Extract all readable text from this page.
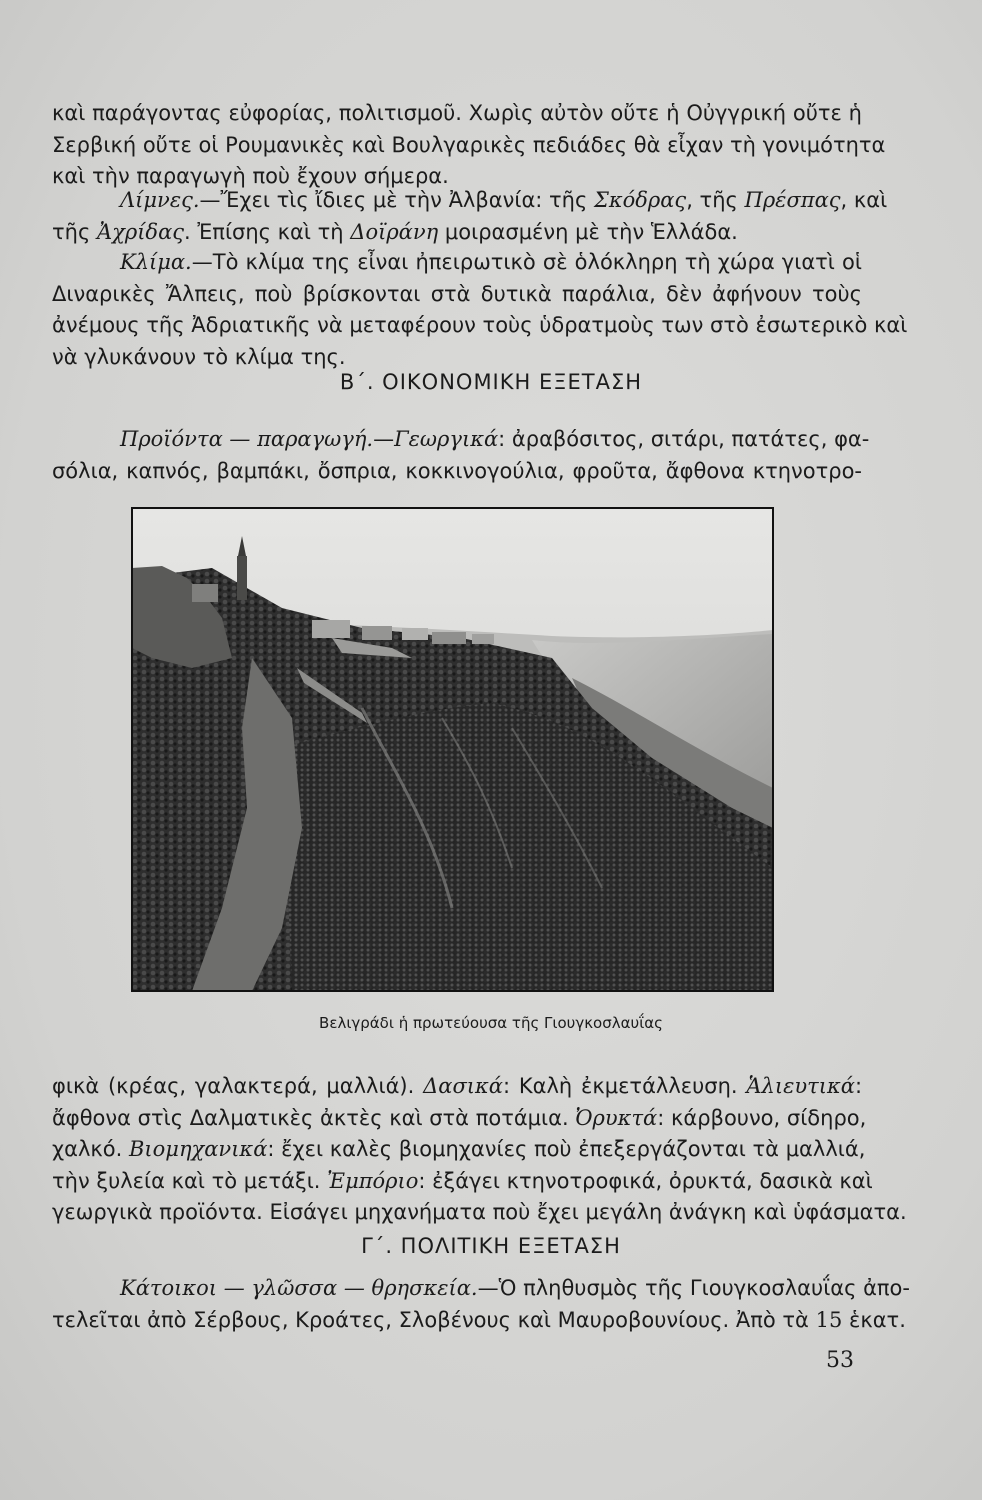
καὶ παράγοντας εὐφορίας, πολιτισμοῦ. Χωρὶς αὐτὸν οὔτε ἡ Οὐγγρική οὔτε ἡ
Σερβική οὔτε οἱ Ρουμανικὲς καὶ Βουλγαρικὲς πεδιάδες θὰ εἶχαν τὴ γονιμότητα
καὶ τὴν παραγωγὴ ποὺ ἔχουν σήμερα.
Λίμνες.—Ἔχει τὶς ἴδιες μὲ τὴν Ἀλβανία: τῆς Σκόδρας, τῆς Πρέσπας, καὶ
τῆς Ἀχρίδας. Ἐπίσης καὶ τὴ Δοϊράνη μοιρασμένη μὲ τὴν Ἑλλάδα.
Κλίμα.—Τὸ κλίμα της εἶναι ἠπειρωτικὸ σὲ ὁλόκληρη τὴ χώρα γιατὶ οἱ
Διναρικὲς Ἄλπεις, ποὺ βρίσκονται στὰ δυτικὰ παράλια, δὲν ἀφήνουν τοὺς
ἀνέμους τῆς Ἀδριατικῆς νὰ μεταφέρουν τοὺς ὑδρατμοὺς των στὸ ἐσωτερικὸ καὶ
νὰ γλυκάνουν τὸ κλίμα της.
Β΄. ΟΙΚΟΝΟΜΙΚΗ ΕΞΕΤΑΣΗ
Προϊόντα — παραγωγή.—Γεωργικά: ἀραβόσιτος, σιτάρι, πατάτες, φα-
σόλια, καπνός, βαμπάκι, ὄσπρια, κοκκινογούλια, φροῦτα, ἄφθονα κτηνοτρο-
Βελιγράδι ἡ πρωτεύουσα τῆς Γιουγκοσλαυΐας
φικὰ (κρέας, γαλακτερά, μαλλιά). Δασικά: Καλὴ ἐκμετάλλευση. Ἁλιευτικά:
ἄφθονα στὶς Δαλματικὲς ἀκτὲς καὶ στὰ ποτάμια. Ὀρυκτά: κάρβουνο, σίδηρο,
χαλκό. Βιομηχανικά: ἔχει καλὲς βιομηχανίες ποὺ ἐπεξεργάζονται τὰ μαλλιά,
τὴν ξυλεία καὶ τὸ μετάξι. Ἐμπόριο: ἐξάγει κτηνοτροφικά, ὀρυκτά, δασικὰ καὶ
γεωργικὰ προϊόντα. Εἰσάγει μηχανήματα ποὺ ἔχει μεγάλη ἀνάγκη καὶ ὑφάσματα.
Γ΄. ΠΟΛΙΤΙΚΗ ΕΞΕΤΑΣΗ
Κάτοικοι — γλῶσσα — θρησκεία.—Ὁ πληθυσμὸς τῆς Γιουγκοσλαυΐας ἀπο-
τελεῖται ἀπὸ Σέρβους, Κροάτες, Σλοβένους καὶ Μαυροβουνίους. Ἀπὸ τὰ 15 ἑκατ.
53
